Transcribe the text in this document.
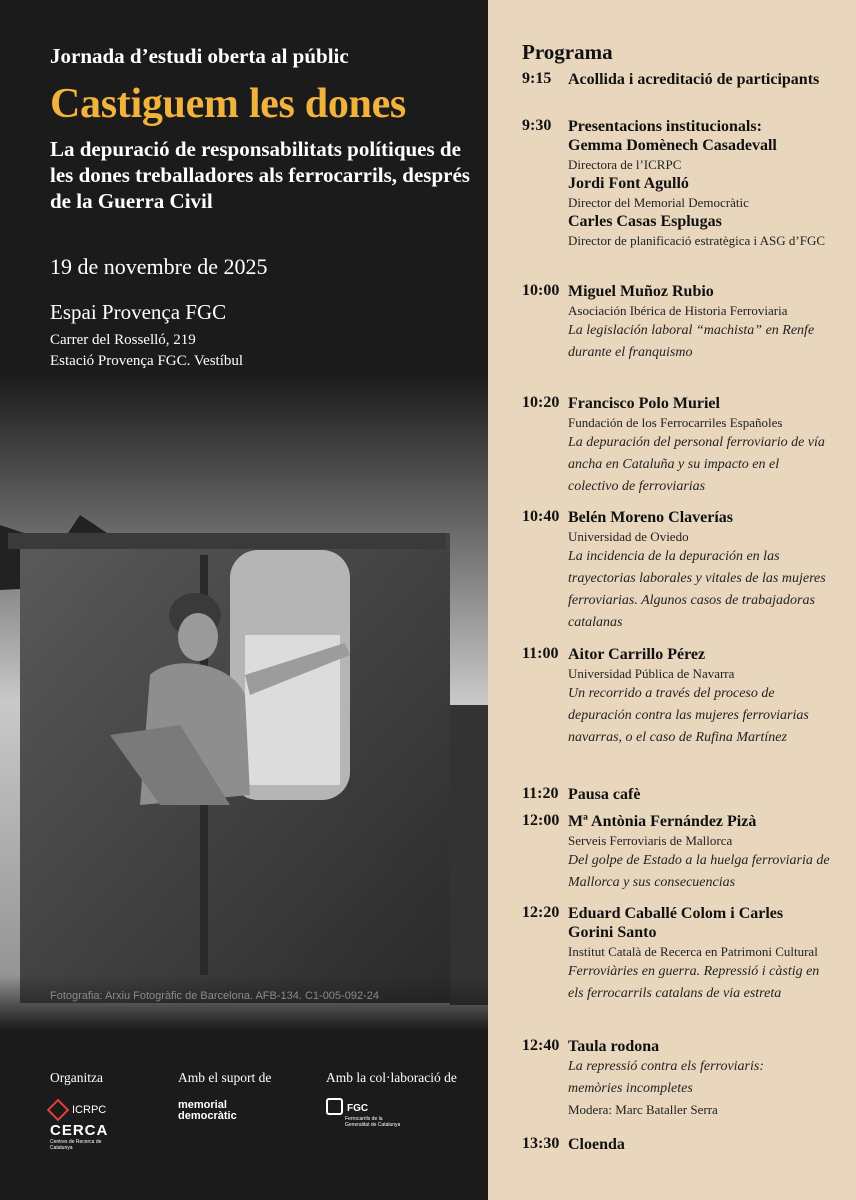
Jornada d’estudi oberta al públic
Castiguem les dones
La depuració de responsabilitats polítiques de les dones treballadores als ferrocarrils, després de la Guerra Civil
19 de novembre de 2025
Espai Provença FGC
Carrer del Rosselló, 219
Estació Provença FGC. Vestíbul
Fotografia: Arxiu Fotogràfic de Barcelona. AFB-134. C1-005-092-24
Organitza	Amb el suport de	Amb la col·laboració de
ICRPC
CERCA
Centres de Recerca de Catalunya
memorial democràtic
FGC
Ferrocarrils de la Generalitat de Catalunya
Programa
9:15 Acollida i acreditació de participants
9:30 Presentacions institucionals:
Gemma Domènech Casadevall
Directora de l’ICRPC
Jordi Font Agulló
Director del Memorial Democràtic
Carles Casas Esplugas
Director de planificació estratègica i ASG d’FGC
10:00 Miguel Muñoz Rubio
Asociación Ibérica de Historia Ferroviaria
La legislación laboral “machista” en Renfe durante el franquismo
10:20 Francisco Polo Muriel
Fundación de los Ferrocarriles Españoles
La depuración del personal ferroviario de vía ancha en Cataluña y su impacto en el colectivo de ferroviarias
10:40 Belén Moreno Claverías
Universidad de Oviedo
La incidencia de la depuración en las trayectorias laborales y vitales de las mujeres ferroviarias. Algunos casos de trabajadoras catalanas
11:00 Aitor Carrillo Pérez
Universidad Pública de Navarra
Un recorrido a través del proceso de depuración contra las mujeres ferroviarias navarras, o el caso de Rufina Martínez
11:20 Pausa cafè
12:00 Mª Antònia Fernández Pizà
Serveis Ferroviaris de Mallorca
Del golpe de Estado a la huelga ferroviaria de Mallorca y sus consecuencias
12:20 Eduard Caballé Colom i Carles Gorini Santo
Institut Català de Recerca en Patrimoni Cultural
Ferroviàries en guerra. Repressió i càstig en els ferrocarrils catalans de via estreta
12:40 Taula rodona
La repressió contra els ferroviaris: memòries incompletes
Modera: Marc Bataller Serra
13:30 Cloenda
